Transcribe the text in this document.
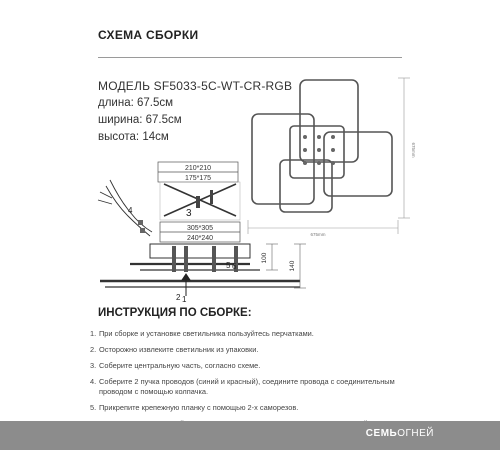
СХЕМА СБОРКИ
МОДЕЛЬ SF5033-5C-WT-CR-RGB
длина: 67.5см
ширина: 67.5см
высота: 14см
675mm
675mm
210*210
175*175
3
4
305*305
240*240
5 6
100
140
2 1
ИНСТРУКЦИЯ ПО СБОРКЕ:
1. При сборке и установке светильника пользуйтесь перчатками.
2. Осторожно извлеките светильник из упаковки.
3. Соберите центральную часть, согласно схеме.
4. Соберите 2 пучка проводов (синий и красный), соедините провода с соединительным проводом с помощью колпачка.
5. Прикрепите крепежную планку с помощью 2-х саморезов.
СЕМЬОГНЕЙ
